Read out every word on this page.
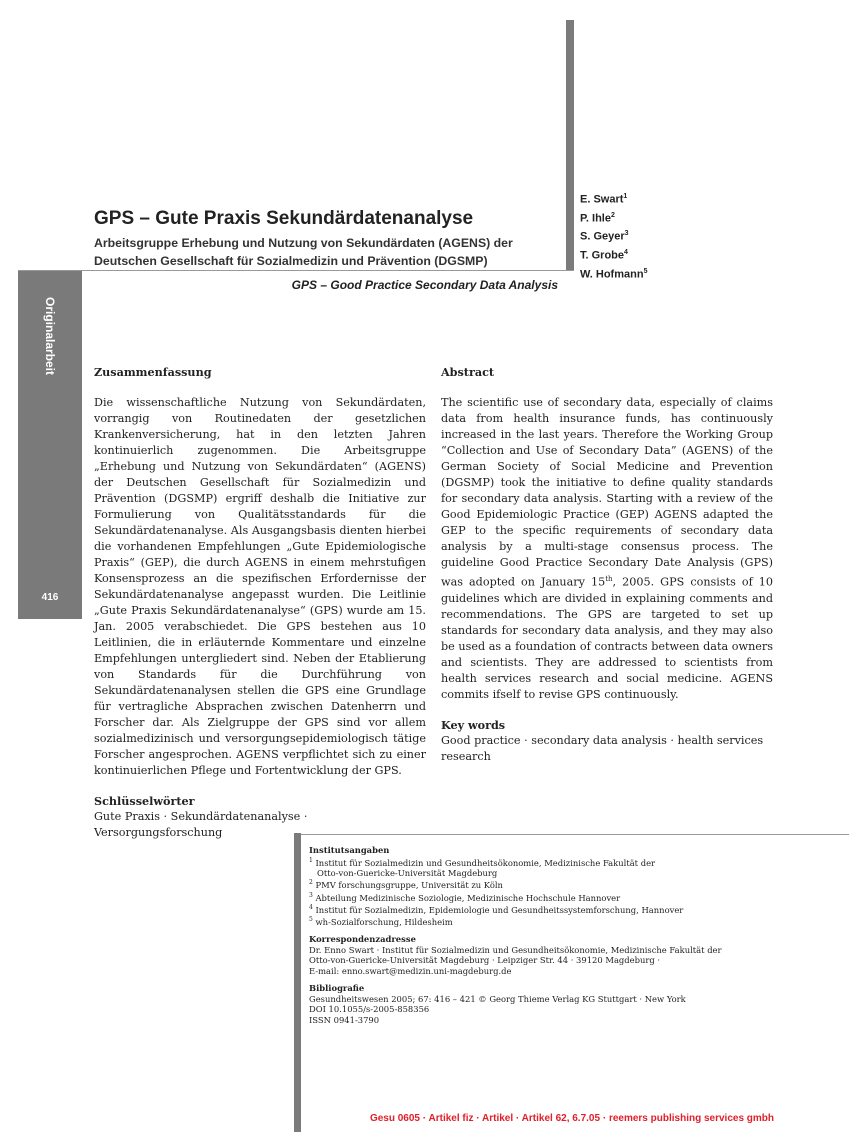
E. Swart$^1$
P. Ihle$^2$
S. Geyer$^3$
T. Grobe$^4$
W. Hofmann$^5$
GPS – Gute Praxis Sekundärdatenanalyse
Arbeitsgruppe Erhebung und Nutzung von Sekundärdaten (AGENS) der
Deutschen Gesellschaft für Sozialmedizin und Prävention (DGSMP)
Originalarbeit
416
GPS – Good Practice Secondary Data Analysis
Zusammenfassung

Die wissenschaftliche Nutzung von Sekundärdaten, vorrangig von Routinedaten der gesetzlichen Krankenversicherung, hat in den letzten Jahren kontinuierlich zugenommen. Die Arbeitsgruppe „Erhebung und Nutzung von Sekundärdaten“ (AGENS) der Deutschen Gesellschaft für Sozialmedizin und Prävention (DGSMP) ergriff deshalb die Initiative zur Formulierung von Qualitätsstandards für die Sekundärdatenanalyse. Als Ausgangsbasis dienten hierbei die vorhandenen Empfehlungen „Gute Epidemiologische Praxis“ (GEP), die durch AGENS in einem mehrstufigen Konsensprozess an die spezifischen Erfordernisse der Sekundärdatenanalyse angepasst wurden. Die Leitlinie „Gute Praxis Sekundärdatenanalyse“ (GPS) wurde am 15. Jan. 2005 verabschiedet. Die GPS bestehen aus 10 Leitlinien, die in erläuternde Kommentare und einzelne Empfehlungen untergliedert sind. Neben der Etablierung von Standards für die Durchführung von Sekundärdatenanalysen stellen die GPS eine Grundlage für vertragliche Absprachen zwischen Datenherrn und Forscher dar. Als Zielgruppe der GPS sind vor allem sozialmedizinisch und versorgungsepidemiologisch tätige Forscher angesprochen. AGENS verpflichtet sich zu einer kontinuierlichen Pflege und Fortentwicklung der GPS.

Schlüsselwörter

Gute Praxis · Sekundärdatenanalyse · Versorgungsforschung

Abstract

The scientific use of secondary data, especially of claims data from health insurance funds, has continuously increased in the last years. Therefore the Working Group “Collection and Use of Secondary Data” (AGENS) of the German Society of Social Medicine and Prevention (DGSMP) took the initiative to define quality standards for secondary data analysis. Starting with a review of the Good Epidemiologic Practice (GEP) AGENS adapted the GEP to the specific requirements of secondary data analysis by a multi-stage consensus process. The guideline Good Practice Secondary Date Analysis (GPS) was adopted on January 15th, 2005. GPS consists of 10 guidelines which are divided in explaining comments and recommendations. The GPS are targeted to set up standards for secondary data analysis, and they may also be used as a foundation of contracts between data owners and scientists. They are addressed to scientists from health services research and social medicine. AGENS commits ifself to revise GPS continuously.

Key words

Good practice · secondary data analysis · health services research

Institutsangaben
$^1$ Institut für Sozialmedizin und Gesundheitsökonomie, Medizinische Fakultät der
Otto-von-Guericke-Universität Magdeburg
$^2$ PMV forschungsgruppe, Universität zu Köln
$^3$ Abteilung Medizinische Soziologie, Medizinische Hochschule Hannover
$^4$ Institut für Sozialmedizin, Epidemiologie und Gesundheitssystemforschung, Hannover
$^5$ wh-Sozialforschung, Hildesheim
Korrespondenzadresse
Dr. Enno Swart · Institut für Sozialmedizin und Gesundheitsökonomie, Medizinische Fakultät der
Otto-von-Guericke-Universität Magdeburg · Leipziger Str. 44 · 39120 Magdeburg ·
E-mail: enno.swart@medizin.uni-magdeburg.de
Bibliografie
Gesundheitswesen 2005; 67: 416 – 421 © Georg Thieme Verlag KG Stuttgart · New York
DOI 10.1055/s-2005-858356
ISSN 0941-3790
Gesu 0605 · Artikel fiz · Artikel · Artikel 62, 6.7.05 · reemers publishing services gmbh
